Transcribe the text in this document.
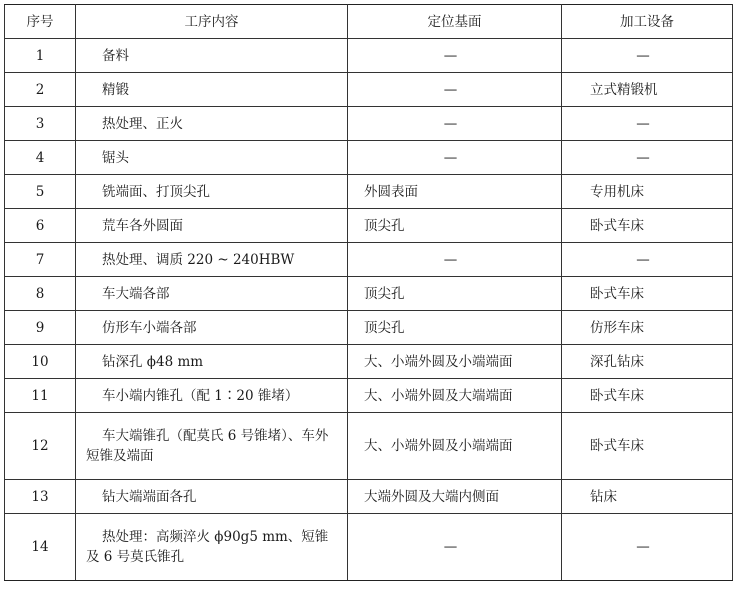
序号	工序内容	定位基面	加工设备
1	备料	—	—
2	精锻	—	立式精锻机
3	热处理、正火	—	—
4	锯头	—	—
5	铣端面、打顶尖孔	外圆表面	专用机床
6	荒车各外圆面	顶尖孔	卧式车床
7	热处理、调质 220 ~ 240HBW	—	—
8	车大端各部	顶尖孔	卧式车床
9	仿形车小端各部	顶尖孔	仿形车床
10	钻深孔 ϕ48 mm	大、小端外圆及小端端面	深孔钻床
11	车小端内锥孔（配 1∶20 锥堵）	大、小端外圆及大端端面	卧式车床
12	车大端锥孔（配莫氏 6 号锥堵）、车外短锥及端面	大、小端外圆及小端端面	卧式车床
13	钻大端端面各孔	大端外圆及大端内侧面	钻床
14	热处理：高频淬火 ϕ90g5 mm、短锥及 6 号莫氏锥孔	—	—
